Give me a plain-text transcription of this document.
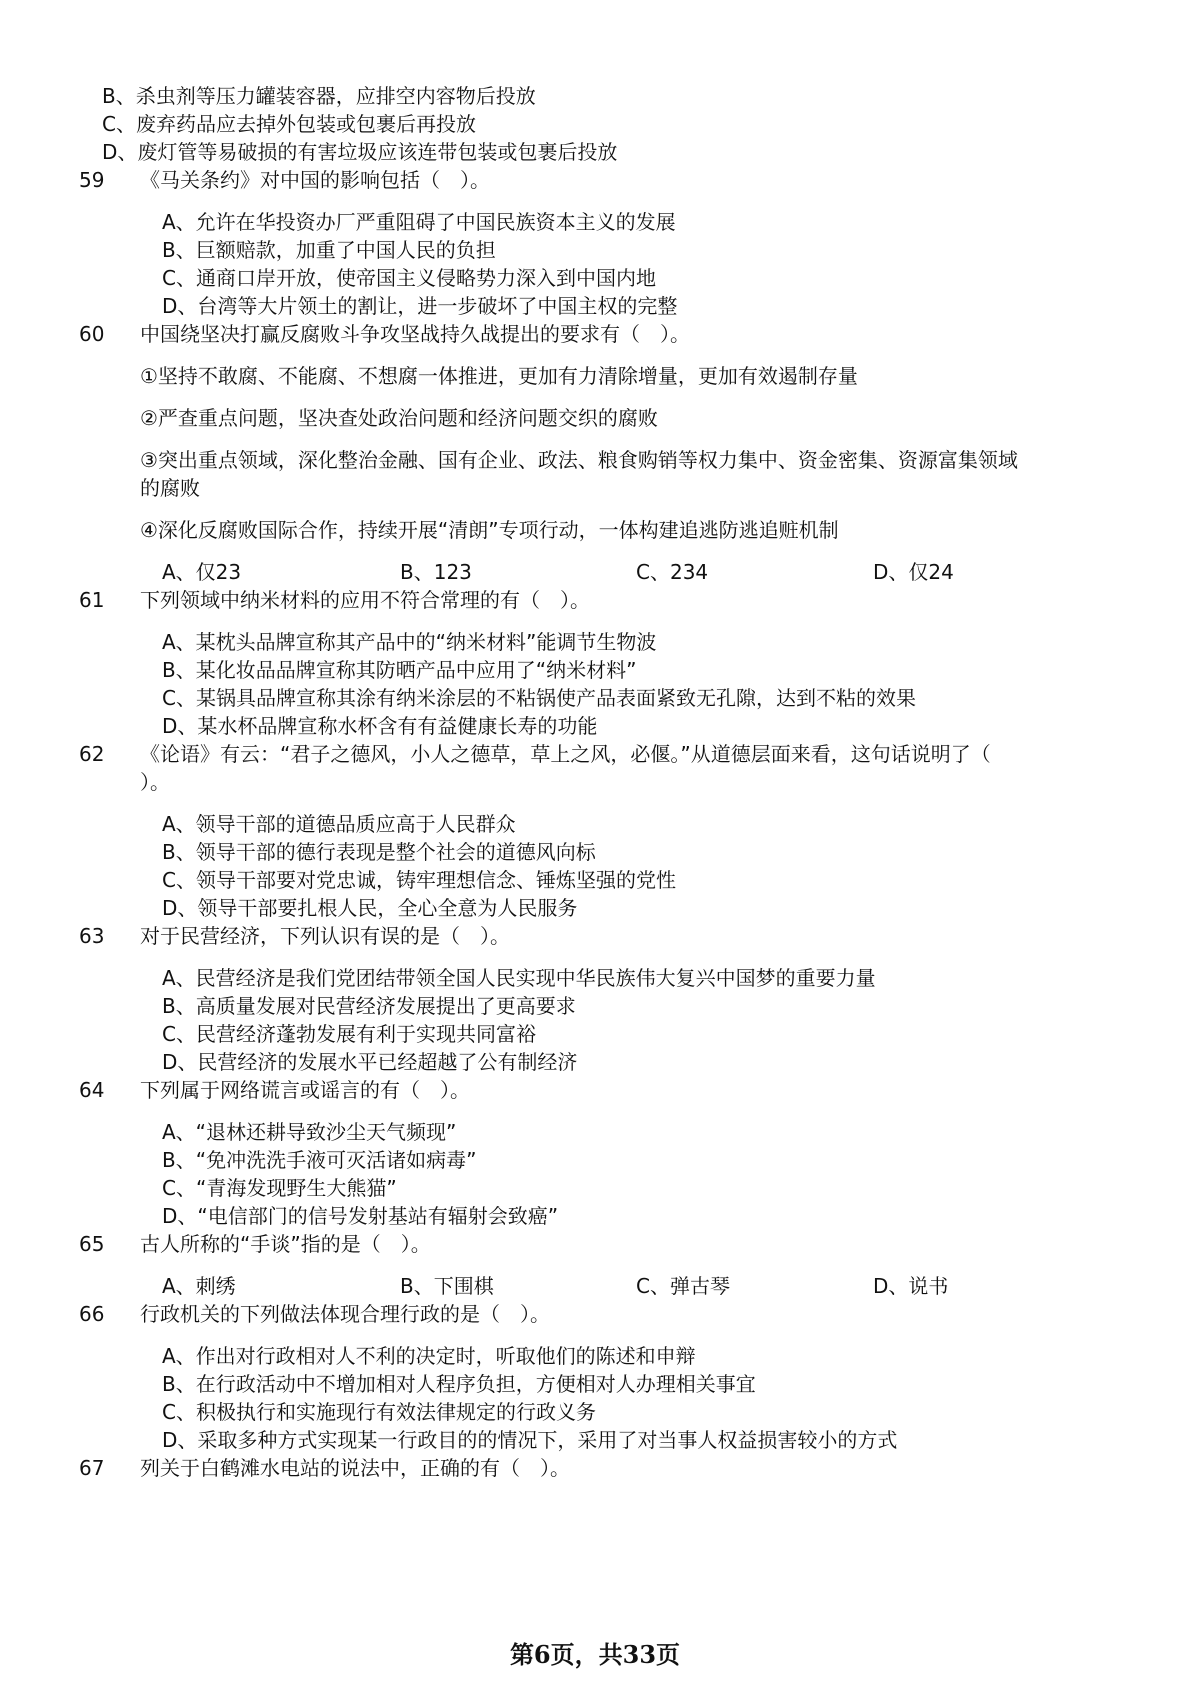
B、杀虫剂等压力罐装容器，应排空内容物后投放
C、废弃药品应去掉外包装或包裹后再投放
D、废灯管等易破损的有害垃圾应该连带包装或包裹后投放
59 《马关条约》对中国的影响包括（　）。
A、允许在华投资办厂严重阻碍了中国民族资本主义的发展
B、巨额赔款，加重了中国人民的负担
C、通商口岸开放，使帝国主义侵略势力深入到中国内地
D、台湾等大片领土的割让，进一步破坏了中国主权的完整
60 中国绕坚决打赢反腐败斗争攻坚战持久战提出的要求有（　）。
①坚持不敢腐、不能腐、不想腐一体推进，更加有力清除增量，更加有效遏制存量
②严查重点问题，坚决查处政治问题和经济问题交织的腐败
③突出重点领域，深化整治金融、国有企业、政法、粮食购销等权力集中、资金密集、资源富集领域
的腐败
④深化反腐败国际合作，持续开展“清朗”专项行动，一体构建追逃防逃追赃机制
A、仅23	B、123	C、234	D、仅24
61 下列领域中纳米材料的应用不符合常理的有（　）。
A、某枕头品牌宣称其产品中的“纳米材料”能调节生物波
B、某化妆品品牌宣称其防晒产品中应用了“纳米材料”
C、某锅具品牌宣称其涂有纳米涂层的不粘锅使产品表面紧致无孔隙，达到不粘的效果
D、某水杯品牌宣称水杯含有有益健康长寿的功能
62 《论语》有云：“君子之德风，小人之德草，草上之风，必偃。”从道德层面来看，这句话说明了（
）。
A、领导干部的道德品质应高于人民群众
B、领导干部的德行表现是整个社会的道德风向标
C、领导干部要对党忠诚，铸牢理想信念、锤炼坚强的党性
D、领导干部要扎根人民，全心全意为人民服务
63 对于民营经济，下列认识有误的是（　）。
A、民营经济是我们党团结带领全国人民实现中华民族伟大复兴中国梦的重要力量
B、高质量发展对民营经济发展提出了更高要求
C、民营经济蓬勃发展有利于实现共同富裕
D、民营经济的发展水平已经超越了公有制经济
64 下列属于网络谎言或谣言的有（　）。
A、“退林还耕导致沙尘天气频现”
B、“免冲洗洗手液可灭活诸如病毒”
C、“青海发现野生大熊猫”
D、“电信部门的信号发射基站有辐射会致癌”
65 古人所称的“手谈”指的是（　）。
A、刺绣	B、下围棋	C、弹古琴	D、说书
66 行政机关的下列做法体现合理行政的是（　）。
A、作出对行政相对人不利的决定时，听取他们的陈述和申辩
B、在行政活动中不增加相对人程序负担，方便相对人办理相关事宜
C、积极执行和实施现行有效法律规定的行政义务
D、采取多种方式实现某一行政目的的情况下，采用了对当事人权益损害较小的方式
67 列关于白鹤滩水电站的说法中，正确的有（　）。
第6页，共33页
